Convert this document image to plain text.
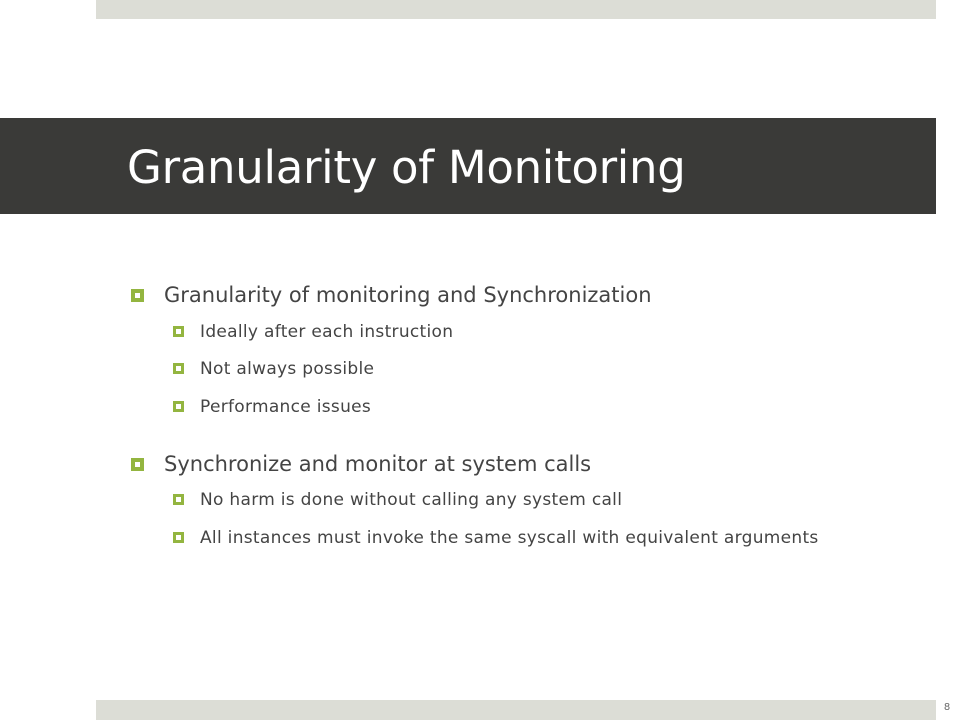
Granularity of Monitoring
Granularity of monitoring and Synchronization
Ideally after each instruction
Not always possible
Performance issues
Synchronize and monitor at system calls
No harm is done without calling any system call
All instances must invoke the same syscall with equivalent arguments
8
